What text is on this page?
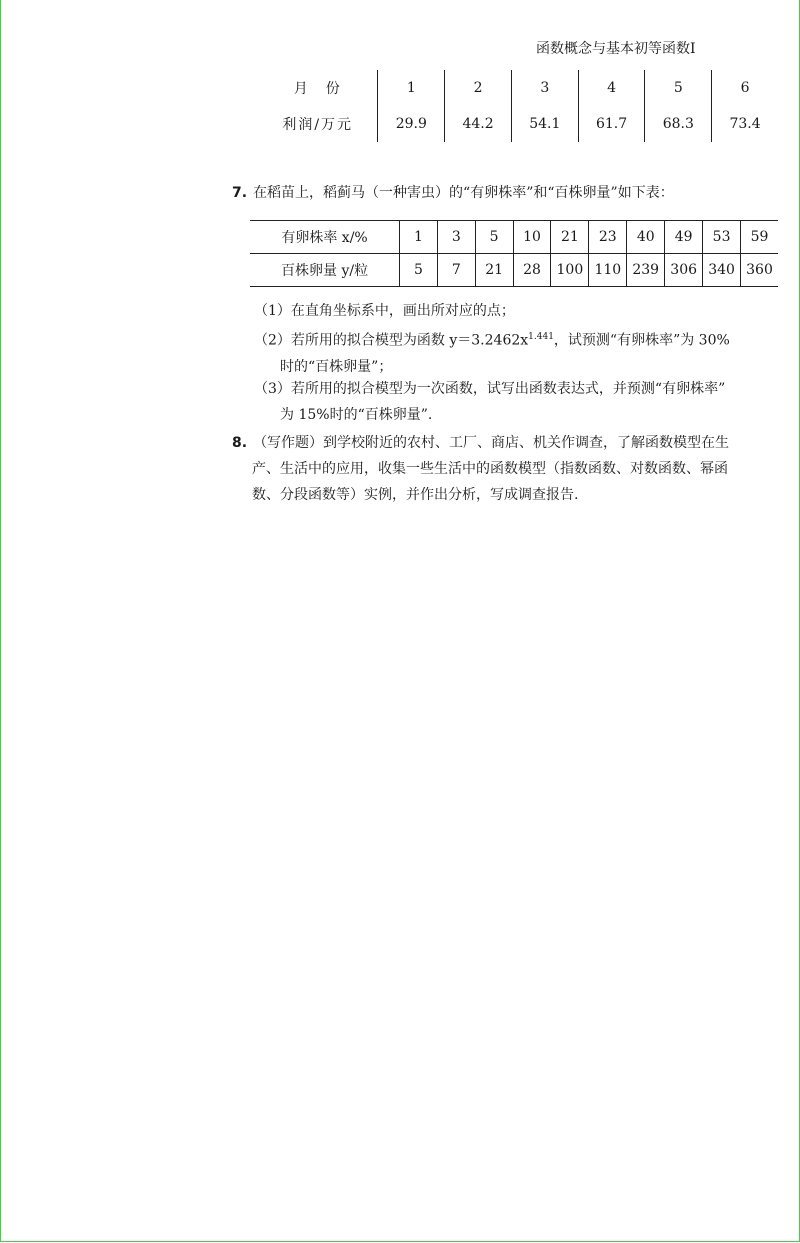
函数概念与基本初等函数Ⅰ
月　份	1	2	3	4	5	6
利润/万元	29.9	44.2	54.1	61.7	68.3	73.4
7. 在稻苗上，稻蓟马（一种害虫）的“有卵株率”和“百株卵量”如下表：
有卵株率 x/%	1	3	5	10	21	23	40	49	53	59
百株卵量 y/粒	5	7	21	28	100	110	239	306	340	360
（1）在直角坐标系中，画出所对应的点；
（2）若所用的拟合模型为函数 $y=3.2462x^{1.441}$，试预测“有卵株率”为 30%
时的“百株卵量”；
（3）若所用的拟合模型为一次函数，试写出函数表达式，并预测“有卵株率”
为 15%时的“百株卵量”.
8. （写作题）到学校附近的农村、工厂、商店、机关作调查，了解函数模型在生
产、生活中的应用，收集一些生活中的函数模型（指数函数、对数函数、幂函
数、分段函数等）实例，并作出分析，写成调查报告.
